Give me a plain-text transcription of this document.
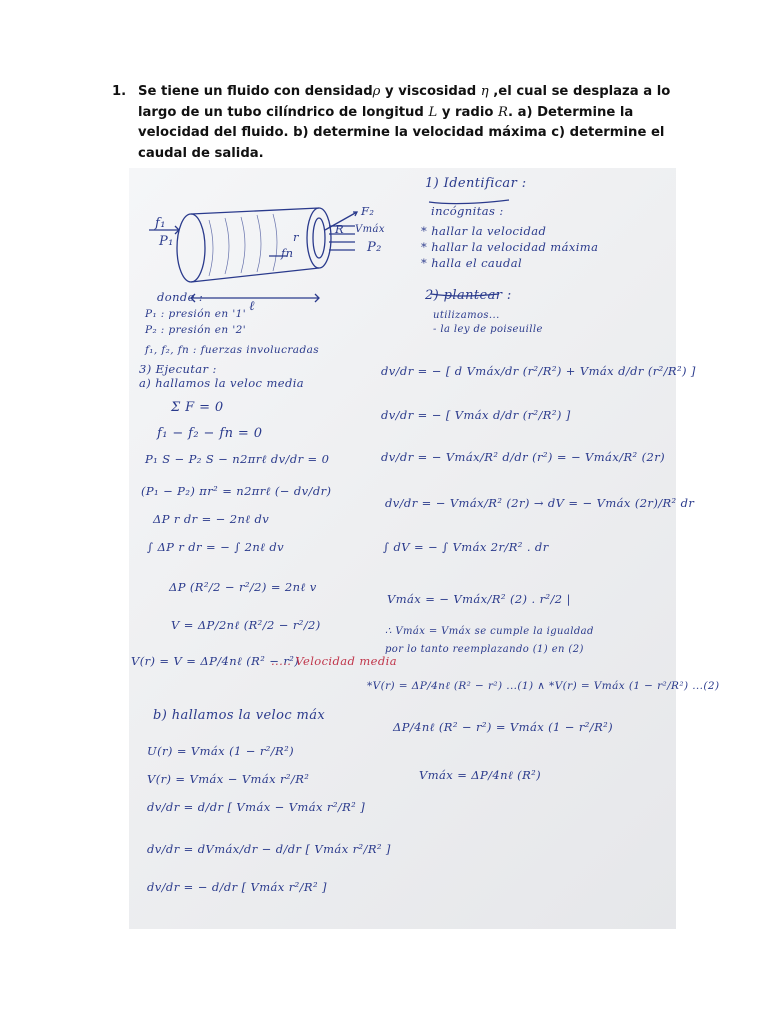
1. Se tiene un fluido con densidadρ y viscosidad η ,el cual se desplaza a lo largo de un tubo cilíndrico de longitud L y radio R. a) Determine la velocidad del fluido. b) determine la velocidad máxima c) determine el caudal de salida.
f₁
P₁
F₂
Vmáx
P₂
fn
r
R
ℓ
1) Identificar :
incógnitas :
* hallar la velocidad
* hallar la velocidad máxima
* halla el caudal
2) plantear :
utilizamos...
- la ley de poiseuille
dv/dr = − [ d Vmáx/dr (r²/R²) + Vmáx d/dr (r²/R²) ]
dv/dr = − [ Vmáx d/dr (r²/R²) ]
dv/dr = − Vmáx/R² d/dr (r²) = − Vmáx/R² (2r)
dv/dr = − Vmáx/R² (2r) → dV = − Vmáx (2r)/R² dr
∫ dV = − ∫ Vmáx 2r/R² . dr
Vmáx = − Vmáx/R² (2) . r²/2 |
∴ Vmáx = Vmáx se cumple la igualdad
por lo tanto reemplazando (1) en (2)
*V(r) = ΔP/4nℓ (R² − r²) ...(1) ∧ *V(r) = Vmáx (1 − r²/R²) ...(2)
ΔP/4nℓ (R² − r²) = Vmáx (1 − r²/R²)
Vmáx = ΔP/4nℓ (R²)
donde :
P₁ : presión en '1'
P₂ : presión en '2'
f₁, f₂, fn : fuerzas involucradas
3) Ejecutar :
a) hallamos la veloc media
Σ F = 0
f₁ − f₂ − fn = 0
P₁ S − P₂ S − n2πrℓ dv/dr = 0
(P₁ − P₂) πr² = n2πrℓ (− dv/dr)
ΔP r dr = − 2nℓ dv
∫ ΔP r dr = − ∫ 2nℓ dv
ΔP (R²/2 − r²/2) = 2nℓ v
V = ΔP/2nℓ (R²/2 − r²/2)
V(r) = V = ΔP/4nℓ (R² − r²)
..... Velocidad media
b) hallamos la veloc máx
U(r) = Vmáx (1 − r²/R²)
V(r) = Vmáx − Vmáx r²/R²
dv/dr = d/dr [ Vmáx − Vmáx r²/R² ]
dv/dr = dVmáx/dr − d/dr [ Vmáx r²/R² ]
dv/dr = − d/dr [ Vmáx r²/R² ]
